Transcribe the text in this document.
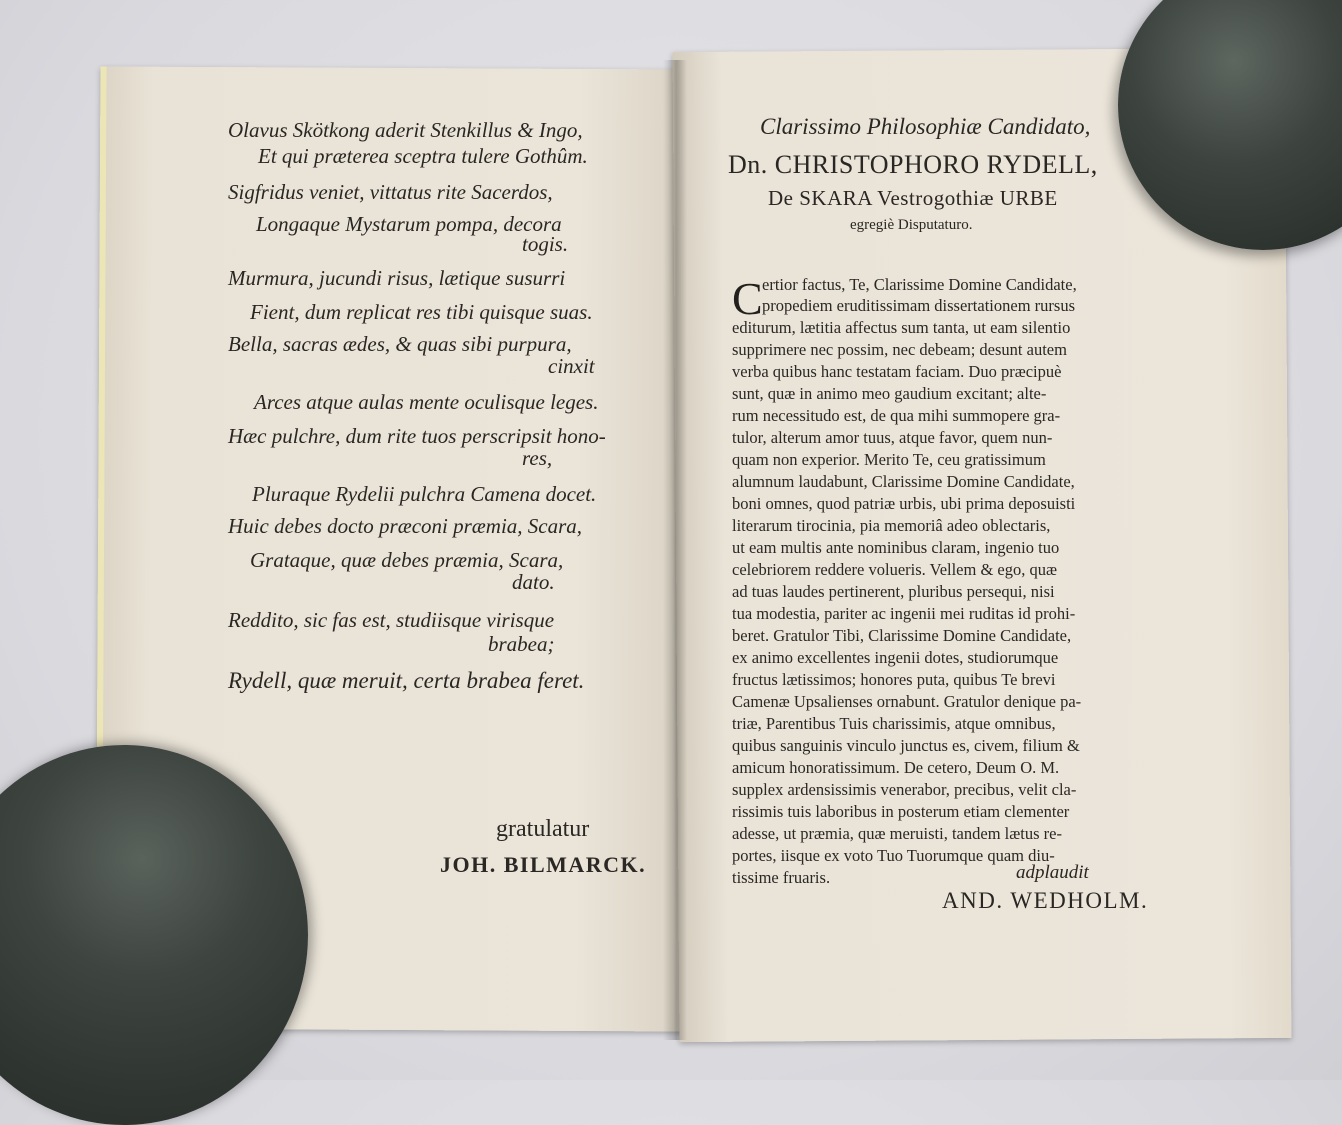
Olavus Skötkong aderit Stenkillus & Ingo,
Et qui præterea sceptra tulere Gothûm.
Sigfridus veniet, vittatus rite Sacerdos,
Longaque Mystarum pompa, decora
togis.
Murmura, jucundi risus, lætique susurri
Fient, dum replicat res tibi quisque suas.
Bella, sacras ædes, & quas sibi purpura,
cinxit
Arces atque aulas mente oculisque leges.
Hæc pulchre, dum rite tuos perscripsit hono-
res,
Pluraque Rydelii pulchra Camena docet.
Huic debes docto præconi præmia, Scara,
Grataque, quæ debes præmia, Scara,
dato.
Reddito, sic fas est, studiisque virisque
brabea;
Rydell, quæ meruit, certa brabea feret.
gratulatur
JOH. BILMARCK.
Clarissimo Philosophiæ Candidato,
Dn. CHRISTOPHORO RYDELL,
De SKARA Vestrogothiæ URBE
egregiè Disputaturo.
C ertior factus, Te, Clarissime Domine Candidate,
propediem eruditissimam dissertationem rursus
editurum, lætitia affectus sum tanta, ut eam silentio
supprimere nec possim, nec debeam; desunt autem
verba quibus hanc testatam faciam. Duo præcipuè
sunt, quæ in animo meo gaudium excitant; alte-
rum necessitudo est, de qua mihi summopere gra-
tulor, alterum amor tuus, atque favor, quem nun-
quam non experior. Merito Te, ceu gratissimum
alumnum laudabunt, Clarissime Domine Candidate,
boni omnes, quod patriæ urbis, ubi prima deposuisti
literarum tirocinia, pia memoriâ adeo oblectaris,
ut eam multis ante nominibus claram, ingenio tuo
celebriorem reddere volueris. Vellem & ego, quæ
ad tuas laudes pertinerent, pluribus persequi, nisi
tua modestia, pariter ac ingenii mei ruditas id prohi-
beret. Gratulor Tibi, Clarissime Domine Candidate,
ex animo excellentes ingenii dotes, studiorumque
fructus lætissimos; honores puta, quibus Te brevi
Camenæ Upsalienses ornabunt. Gratulor denique pa-
triæ, Parentibus Tuis charissimis, atque omnibus,
quibus sanguinis vinculo junctus es, civem, filium &
amicum honoratissimum. De cetero, Deum O. M.
supplex ardensissimis venerabor, precibus, velit cla-
rissimis tuis laboribus in posterum etiam clementer
adesse, ut præmia, quæ meruisti, tandem lætus re-
portes, iisque ex voto Tuo Tuorumque quam diu-
tissime fruaris.	adplaudit
AND. WEDHOLM.
